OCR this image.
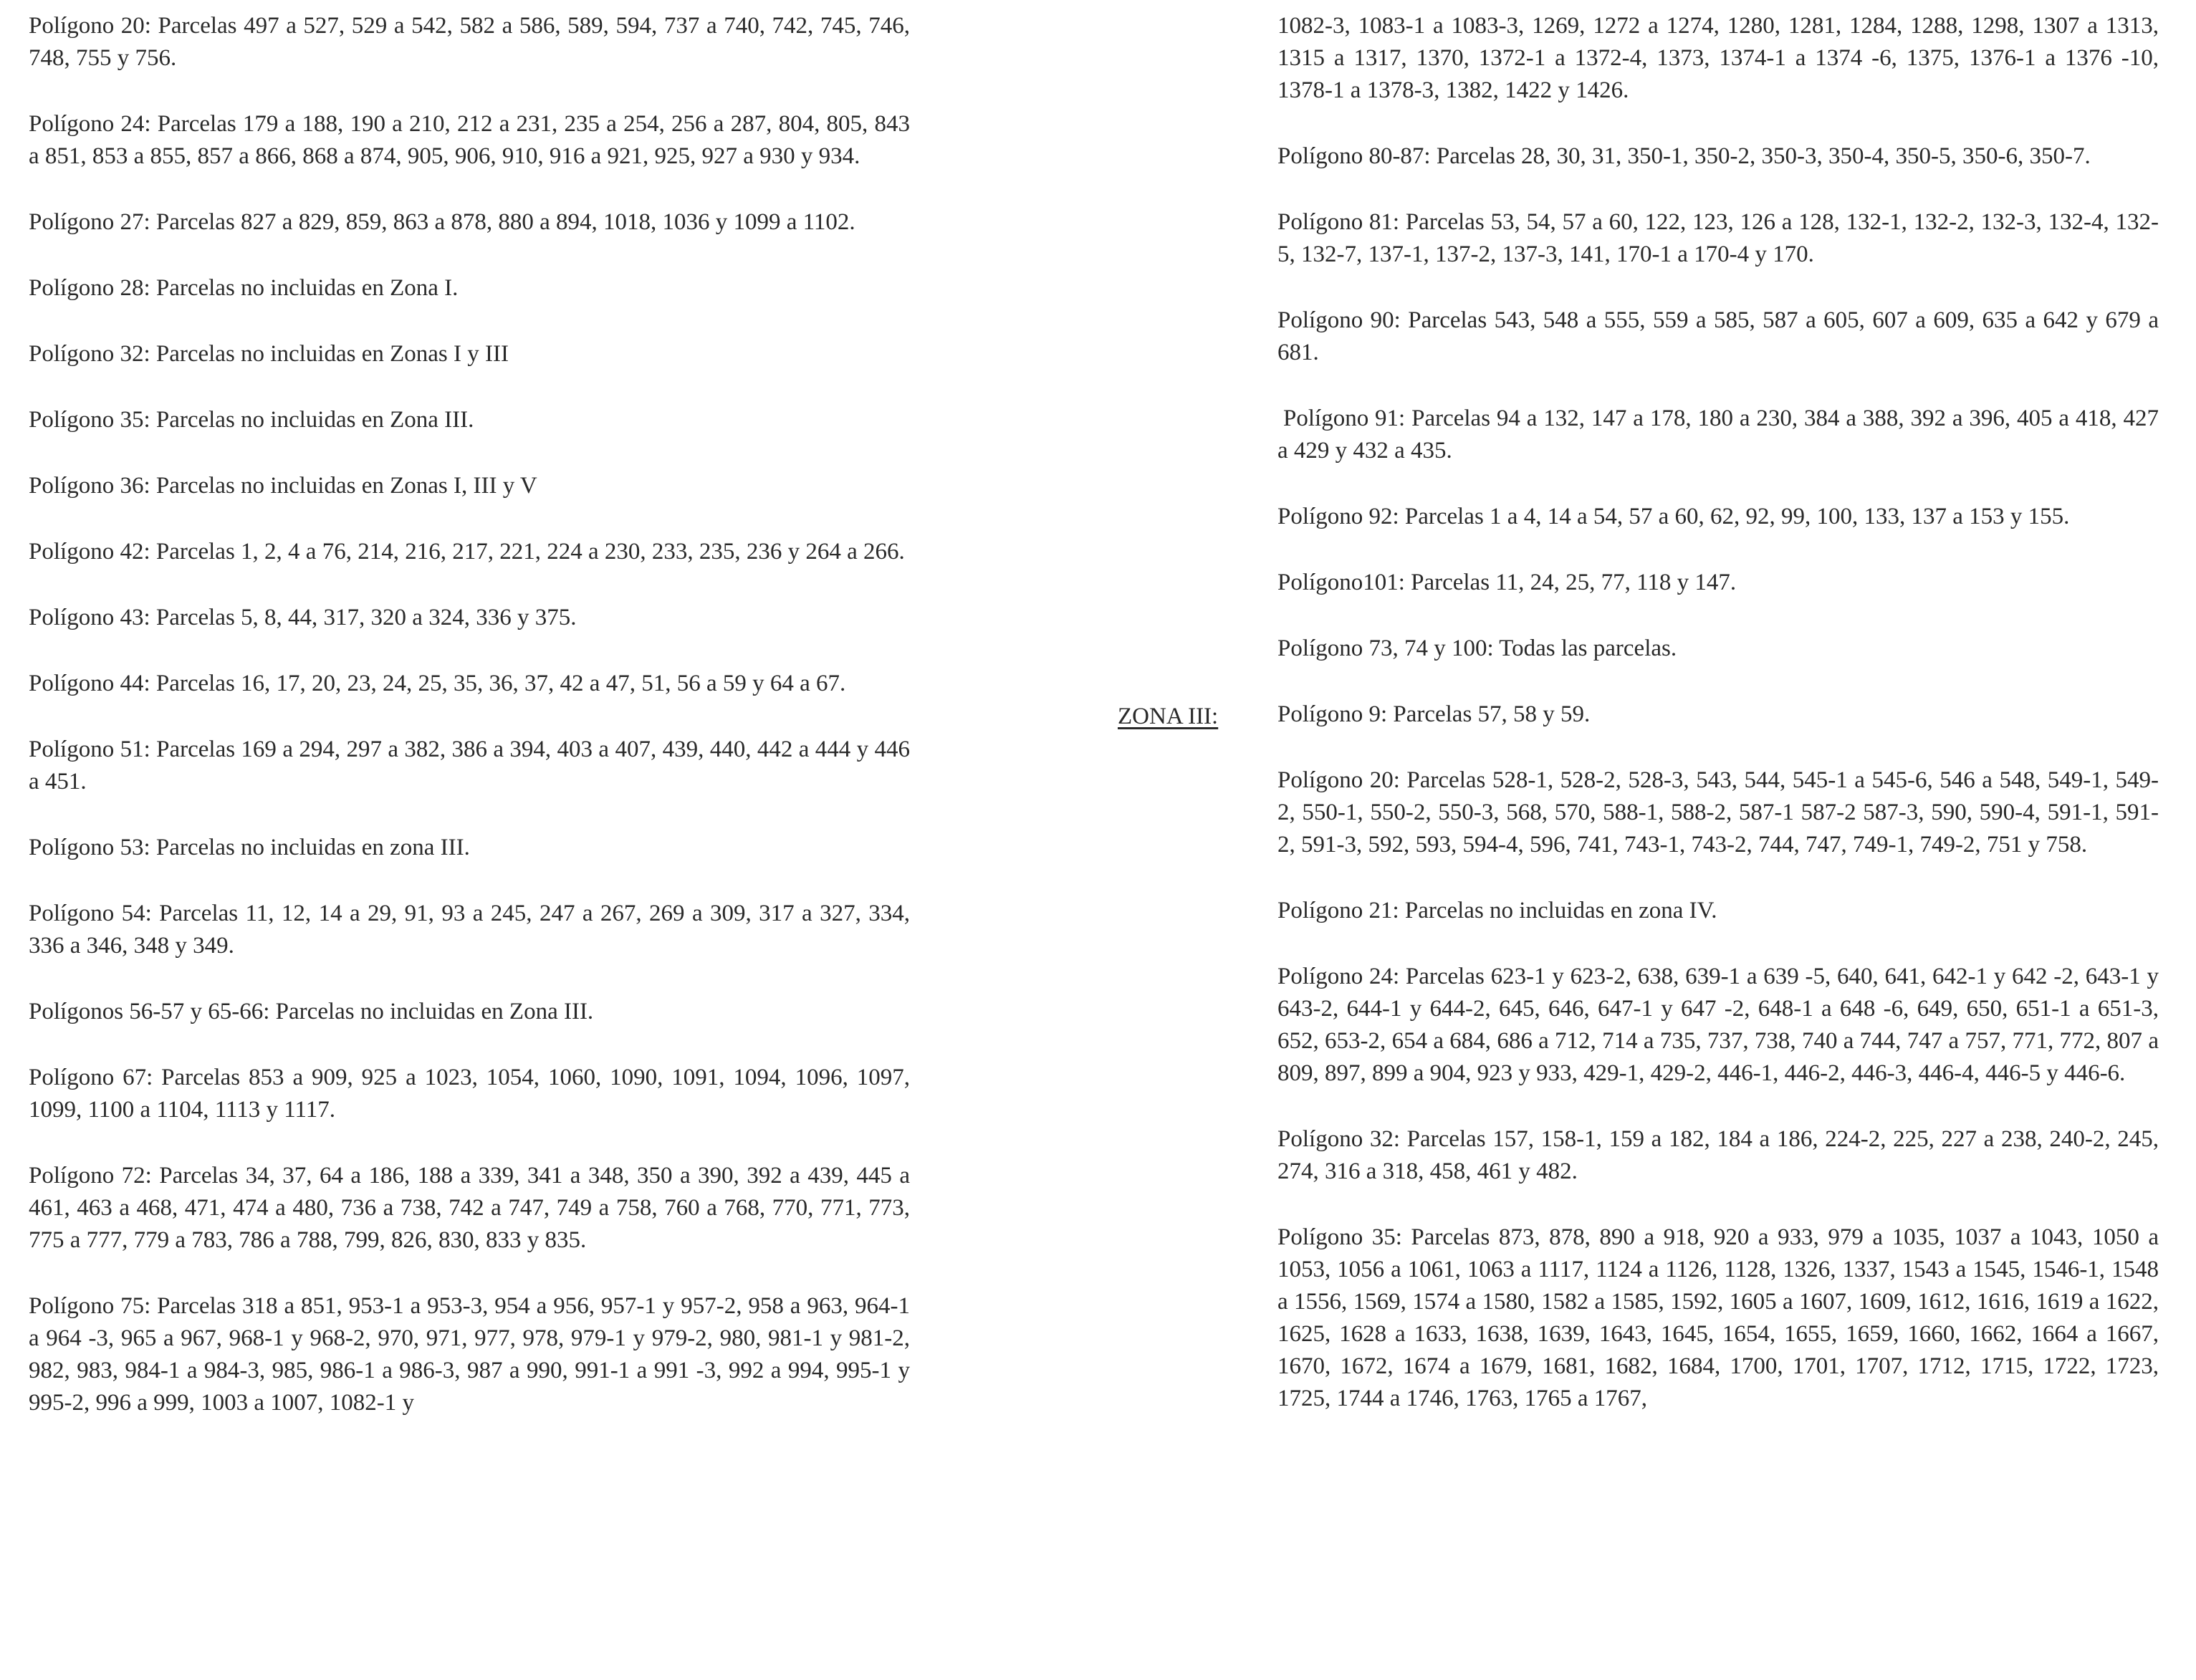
Polígono 20: Parcelas 497 a 527, 529 a 542, 582 a 586, 589, 594, 737 a 740, 742, 745, 746, 748, 755 y 756.

Polígono 24: Parcelas 179 a 188, 190 a 210, 212 a 231, 235 a 254, 256 a 287, 804, 805, 843 a 851, 853 a 855, 857 a 866, 868 a 874, 905, 906, 910, 916 a 921, 925, 927 a 930 y 934.

Polígono 27: Parcelas 827 a 829, 859, 863 a 878, 880 a 894, 1018, 1036 y 1099 a 1102.

Polígono 28: Parcelas no incluidas en Zona I.

Polígono 32: Parcelas no incluidas en Zonas I y III

Polígono 35: Parcelas no incluidas en Zona III.

Polígono 36: Parcelas no incluidas en Zonas I, III y V

Polígono 42: Parcelas 1, 2, 4 a 76, 214, 216, 217, 221, 224 a 230, 233, 235, 236 y 264 a 266.

Polígono 43: Parcelas 5, 8, 44, 317, 320 a 324, 336 y 375.

Polígono 44: Parcelas 16, 17, 20, 23, 24, 25, 35, 36, 37, 42 a 47, 51, 56 a 59 y 64 a 67.

Polígono 51: Parcelas 169 a 294, 297 a 382, 386 a 394, 403 a 407, 439, 440, 442 a 444 y 446 a 451.

Polígono 53: Parcelas no incluidas en zona III.

Polígono 54: Parcelas 11, 12, 14 a 29, 91, 93 a 245, 247 a 267, 269 a 309, 317 a 327, 334, 336 a 346, 348 y 349.

Polígonos 56-57 y 65-66: Parcelas no incluidas en Zona III.

Polígono 67: Parcelas 853 a 909, 925 a 1023, 1054, 1060, 1090, 1091, 1094, 1096, 1097, 1099, 1100 a 1104, 1113 y 1117.

Polígono 72: Parcelas 34, 37, 64 a 186, 188 a 339, 341 a 348, 350 a 390, 392 a 439, 445 a 461, 463 a 468, 471, 474 a 480, 736 a 738, 742 a 747, 749 a 758, 760 a 768, 770, 771, 773, 775 a 777, 779 a 783, 786 a 788, 799, 826, 830, 833 y 835.

Polígono 75: Parcelas 318 a 851, 953-1 a 953-3, 954 a 956, 957-1 y 957-2, 958 a 963, 964-1 a 964 -3, 965 a 967, 968-1 y 968-2, 970, 971, 977, 978, 979-1 y 979-2, 980, 981-1 y 981-2, 982, 983, 984-1 a 984-3, 985, 986-1 a 986-3, 987 a 990, 991-1 a 991 -3, 992 a 994, 995-1 y 995-2, 996 a 999, 1003 a 1007, 1082-1 y

ZONA III:

1082-3, 1083-1 a 1083-3, 1269, 1272 a 1274, 1280, 1281, 1284, 1288, 1298, 1307 a 1313, 1315 a 1317, 1370, 1372-1 a 1372-4, 1373, 1374-1 a 1374 -6, 1375, 1376-1 a 1376 -10, 1378-1 a 1378-3, 1382, 1422 y 1426.

Polígono 80-87: Parcelas 28, 30, 31, 350-1, 350-2, 350-3, 350-4, 350-5, 350-6, 350-7.

Polígono 81: Parcelas 53, 54, 57 a 60, 122, 123, 126 a 128, 132-1, 132-2, 132-3, 132-4, 132-5, 132-7, 137-1, 137-2, 137-3, 141, 170-1 a 170-4 y 170.

Polígono 90: Parcelas 543, 548 a 555, 559 a 585, 587 a 605, 607 a 609, 635 a 642 y 679 a 681.

Polígono 91: Parcelas 94 a 132, 147 a 178, 180 a 230, 384 a 388, 392 a 396, 405 a 418, 427 a 429 y 432 a 435.

Polígono 92: Parcelas 1 a 4, 14 a 54, 57 a 60, 62, 92, 99, 100, 133, 137 a 153 y 155.

Polígono101: Parcelas 11, 24, 25, 77, 118 y 147.

Polígono 73, 74 y 100: Todas las parcelas.

Polígono 9: Parcelas 57, 58 y 59.

Polígono 20: Parcelas 528-1, 528-2, 528-3, 543, 544, 545-1 a 545-6, 546 a 548, 549-1, 549-2, 550-1, 550-2, 550-3, 568, 570, 588-1, 588-2, 587-1 587-2 587-3, 590, 590-4, 591-1, 591-2, 591-3, 592, 593, 594-4, 596, 741, 743-1, 743-2, 744, 747, 749-1, 749-2, 751 y 758.

Polígono 21: Parcelas no incluidas en zona IV.

Polígono 24: Parcelas 623-1 y 623-2, 638, 639-1 a 639 -5, 640, 641, 642-1 y 642 -2, 643-1 y 643-2, 644-1 y 644-2, 645, 646, 647-1 y 647 -2, 648-1 a 648 -6, 649, 650, 651-1 a 651-3, 652, 653-2, 654 a 684, 686 a 712, 714 a 735, 737, 738, 740 a 744, 747 a 757, 771, 772, 807 a 809, 897, 899 a 904, 923 y 933, 429-1, 429-2, 446-1, 446-2, 446-3, 446-4, 446-5 y 446-6.

Polígono 32: Parcelas 157, 158-1, 159 a 182, 184 a 186, 224-2, 225, 227 a 238, 240-2, 245, 274, 316 a 318, 458, 461 y 482.

Polígono 35: Parcelas 873, 878, 890 a 918, 920 a 933, 979 a 1035, 1037 a 1043, 1050 a 1053, 1056 a 1061, 1063 a 1117, 1124 a 1126, 1128, 1326, 1337, 1543 a 1545, 1546-1, 1548 a 1556, 1569, 1574 a 1580, 1582 a 1585, 1592, 1605 a 1607, 1609, 1612, 1616, 1619 a 1622, 1625, 1628 a 1633, 1638, 1639, 1643, 1645, 1654, 1655, 1659, 1660, 1662, 1664 a 1667, 1670, 1672, 1674 a 1679, 1681, 1682, 1684, 1700, 1701, 1707, 1712, 1715, 1722, 1723, 1725, 1744 a 1746, 1763, 1765 a 1767,
